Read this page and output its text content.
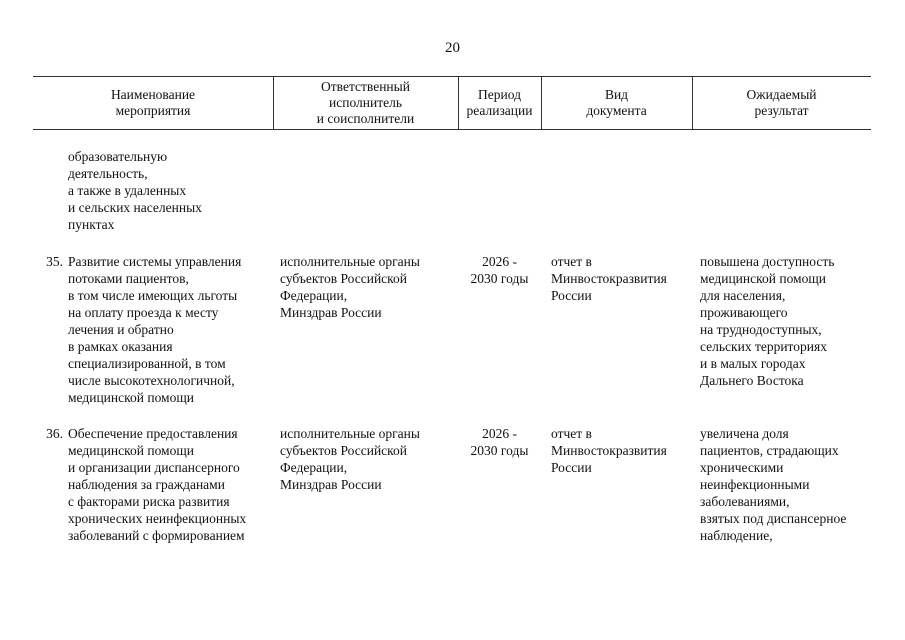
20
Наименование
мероприятия
Ответственный
исполнитель
и соисполнители
Период
реализации
Вид
документа
Ожидаемый
результат
образовательную
деятельность,
а также в удаленных
и сельских населенных
пунктах
35. Развитие системы управления
потоками пациентов,
в том числе имеющих льготы
на оплату проезда к месту
лечения и обратно
в рамках оказания
специализированной, в том
числе высокотехнологичной,
медицинской помощи
исполнительные органы
субъектов Российской
Федерации,
Минздрав России
2026 -
2030 годы
отчет в
Минвостокразвития
России
повышена доступность
медицинской помощи
для населения,
проживающего
на труднодоступных,
сельских территориях
и в малых городах
Дальнего Востока
36. Обеспечение предоставления
медицинской помощи
и организации диспансерного
наблюдения за гражданами
с факторами риска развития
хронических неинфекционных
заболеваний с формированием
исполнительные органы
субъектов Российской
Федерации,
Минздрав России
2026 -
2030 годы
отчет в
Минвостокразвития
России
увеличена доля
пациентов, страдающих
хроническими
неинфекционными
заболеваниями,
взятых под диспансерное
наблюдение,
